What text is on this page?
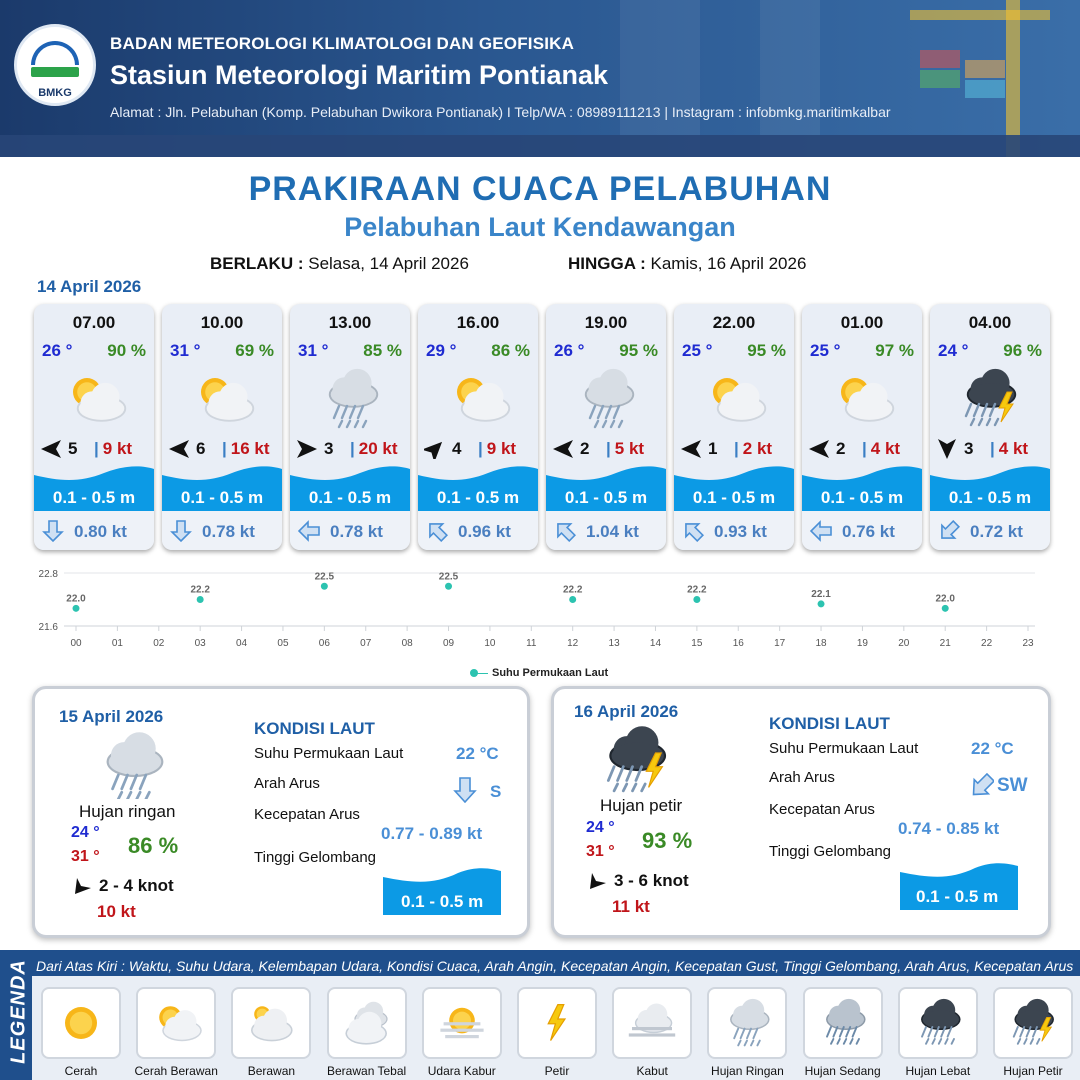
BMKG
BADAN METEOROLOGI KLIMATOLOGI DAN GEOFISIKA
Stasiun Meteorologi Maritim Pontianak
Alamat : Jln. Pelabuhan (Komp. Pelabuhan Dwikora Pontianak) I Telp/WA : 08989111213 | Instagram : infobmkg.maritimkalbar
PRAKIRAAN CUACA PELABUHAN
Pelabuhan Laut Kendawangan
BERLAKU : Selasa, 14 April 2026	HINGGA : Kamis, 16 April 2026
14 April 2026
07.00
26 ° 90 %
5 | 9 kt
0.1 - 0.5 m
0.80 kt
10.00
31 ° 69 %
6 | 16 kt
0.1 - 0.5 m
0.78 kt
13.00
31 ° 85 %
3 | 20 kt
0.1 - 0.5 m
0.78 kt
16.00
29 ° 86 %
4 | 9 kt
0.1 - 0.5 m
0.96 kt
19.00
26 ° 95 %
2 | 5 kt
0.1 - 0.5 m
1.04 kt
22.00
25 ° 95 %
1 | 2 kt
0.1 - 0.5 m
0.93 kt
01.00
25 ° 97 %
2 | 4 kt
0.1 - 0.5 m
0.76 kt
04.00
24 ° 96 %
3 | 4 kt
0.1 - 0.5 m
0.72 kt
22.8
21.6
00	01	02	03	04	05	06	07	08	09	10	11	12	13	14	15	16	17	18	19	20	21	22	23
22.0
22.2
22.5	22.5
22.2	22.2	22.1	22.0
Suhu Permukaan Laut
15 April 2026
Hujan ringan
24 °
31 ° 86 %
2 - 4 knot
10 kt
KONDISI LAUT
Suhu Permukaan Laut	22 °C
Arah Arus	S
Kecepatan Arus
0.77 - 0.89 kt
Tinggi Gelombang
0.1 - 0.5 m
16 April 2026
Hujan petir
24 °
31 ° 93 %
3 - 6 knot
11 kt
KONDISI LAUT
Suhu Permukaan Laut	22 °C
Arah Arus	SW
Kecepatan Arus
0.74 - 0.85 kt
Tinggi Gelombang
0.1 - 0.5 m
LEGENDA Dari Atas Kiri : Waktu, Suhu Udara, Kelembapan Udara, Kondisi Cuaca, Arah Angin, Kecepatan Angin, Kecepatan Gust, Tinggi Gelombang, Arah Arus, Kecepatan Arus
Cerah	Cerah Berawan	Berawan	Berawan Tebal	Udara Kabur	Petir	Kabut	Hujan Ringan	Hujan Sedang	Hujan Lebat	Hujan Petir
